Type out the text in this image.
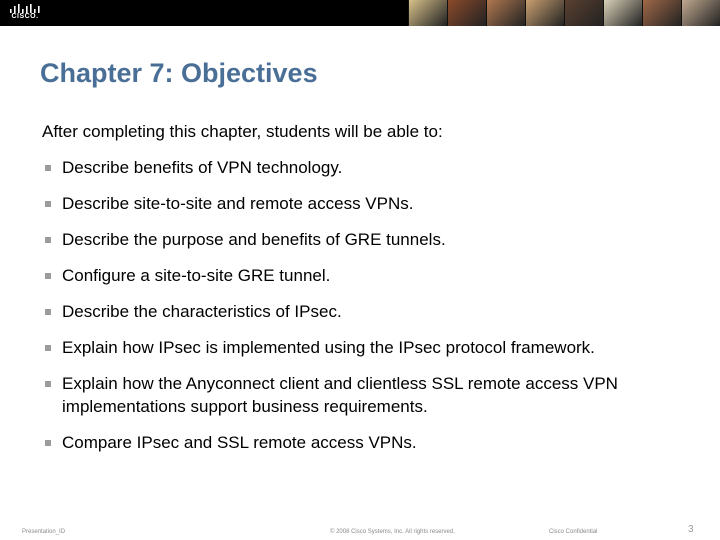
CISCO.
Chapter 7: Objectives
After completing this chapter, students will be able to:
Describe benefits of VPN technology.
Describe site-to-site and remote access VPNs.
Describe the purpose and benefits of GRE tunnels.
Configure a site-to-site GRE tunnel.
Describe the characteristics of IPsec.
Explain how IPsec is implemented using the IPsec protocol framework.
Explain how the Anyconnect client and clientless SSL remote access VPN implementations support business requirements.
Compare IPsec and SSL remote access VPNs.
Presentation_ID	© 2008 Cisco Systems, Inc. All rights reserved.	Cisco Confidential	3
